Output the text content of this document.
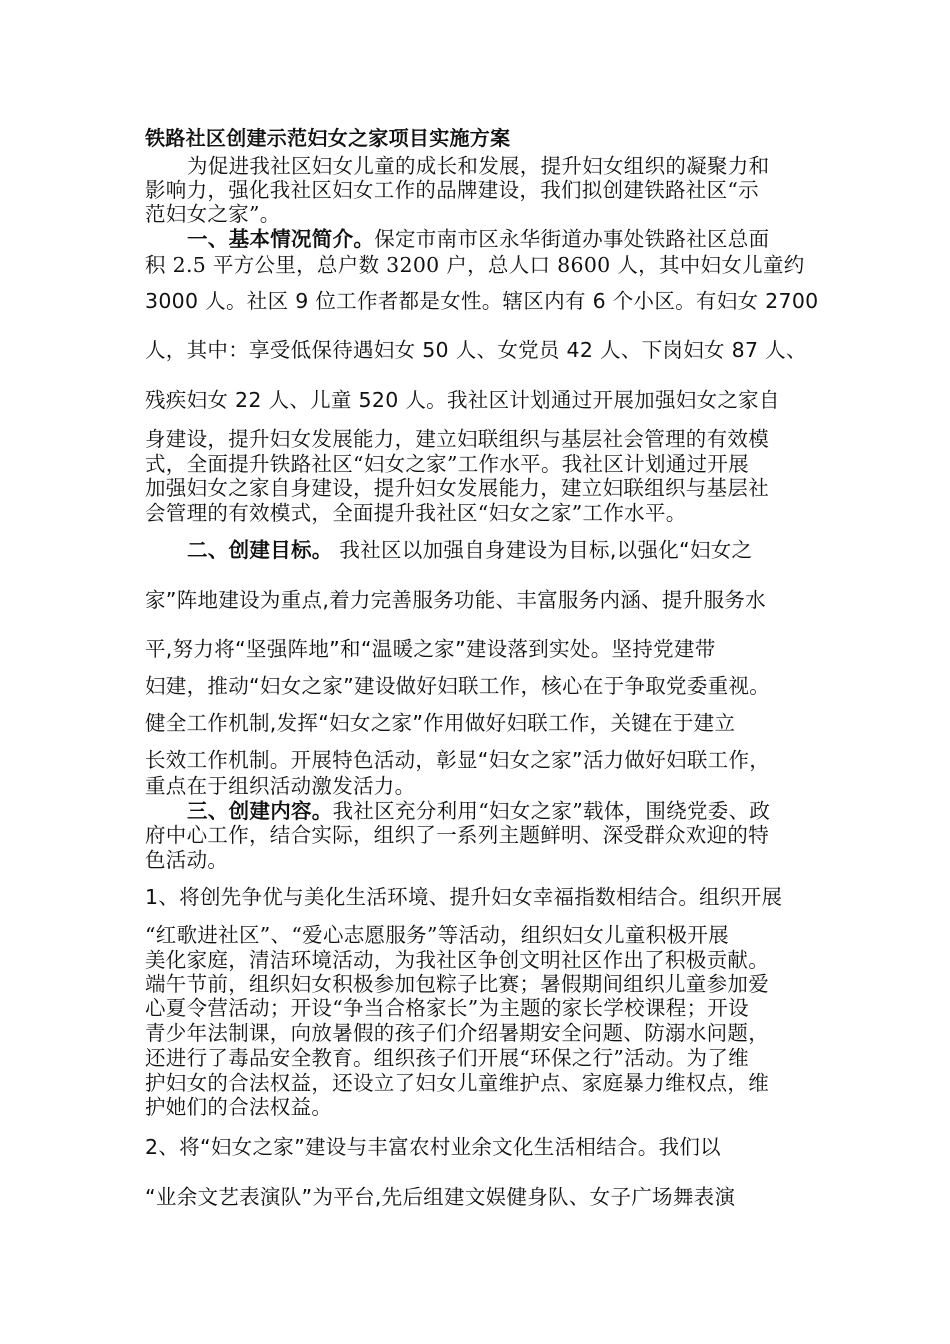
铁路社区创建示范妇女之家项目实施方案
为促进我社区妇女儿童的成长和发展，提升妇女组织的凝聚力和
影响力，强化我社区妇女工作的品牌建设，我们拟创建铁路社区“示
范妇女之家”。
一、基本情况简介。保定市南市区永华街道办事处铁路社区总面
积 2.5 平方公里，总户数 3200 户，总人口 8600 人，其中妇女儿童约
3000 人。社区 9 位工作者都是女性。辖区内有 6 个小区。有妇女 2700
人，其中：享受低保待遇妇女 50 人、女党员 42 人、下岗妇女 87 人、
残疾妇女 22 人、儿童 520 人。我社区计划通过开展加强妇女之家自
身建设，提升妇女发展能力，建立妇联组织与基层社会管理的有效模
式，全面提升铁路社区“妇女之家”工作水平。我社区计划通过开展
加强妇女之家自身建设，提升妇女发展能力，建立妇联组织与基层社
会管理的有效模式，全面提升我社区“妇女之家”工作水平。
二、创建目标。 我社区以加强自身建设为目标,以强化“妇女之
家”阵地建设为重点,着力完善服务功能、丰富服务内涵、提升服务水
平,努力将“坚强阵地”和“温暖之家”建设落到实处。坚持党建带
妇建，推动“妇女之家”建设做好妇联工作，核心在于争取党委重视。
健全工作机制,发挥“妇女之家”作用做好妇联工作，关键在于建立
长效工作机制。开展特色活动，彰显“妇女之家”活力做好妇联工作，
重点在于组织活动激发活力。
三、创建内容。我社区充分利用“妇女之家”载体，围绕党委、政
府中心工作，结合实际，组织了一系列主题鲜明、深受群众欢迎的特
色活动。
1、将创先争优与美化生活环境、提升妇女幸福指数相结合。组织开展
“红歌进社区”、“爱心志愿服务”等活动，组织妇女儿童积极开展
美化家庭，清洁环境活动，为我社区争创文明社区作出了积极贡献。
端午节前，组织妇女积极参加包粽子比赛；暑假期间组织儿童参加爱
心夏令营活动；开设“争当合格家长”为主题的家长学校课程；开设
青少年法制课，向放暑假的孩子们介绍暑期安全问题、防溺水问题，
还进行了毒品安全教育。组织孩子们开展“环保之行”活动。为了维
护妇女的合法权益，还设立了妇女儿童维护点、家庭暴力维权点，维
护她们的合法权益。
2、将“妇女之家”建设与丰富农村业余文化生活相结合。我们以
“业余文艺表演队”为平台,先后组建文娱健身队、女子广场舞表演
